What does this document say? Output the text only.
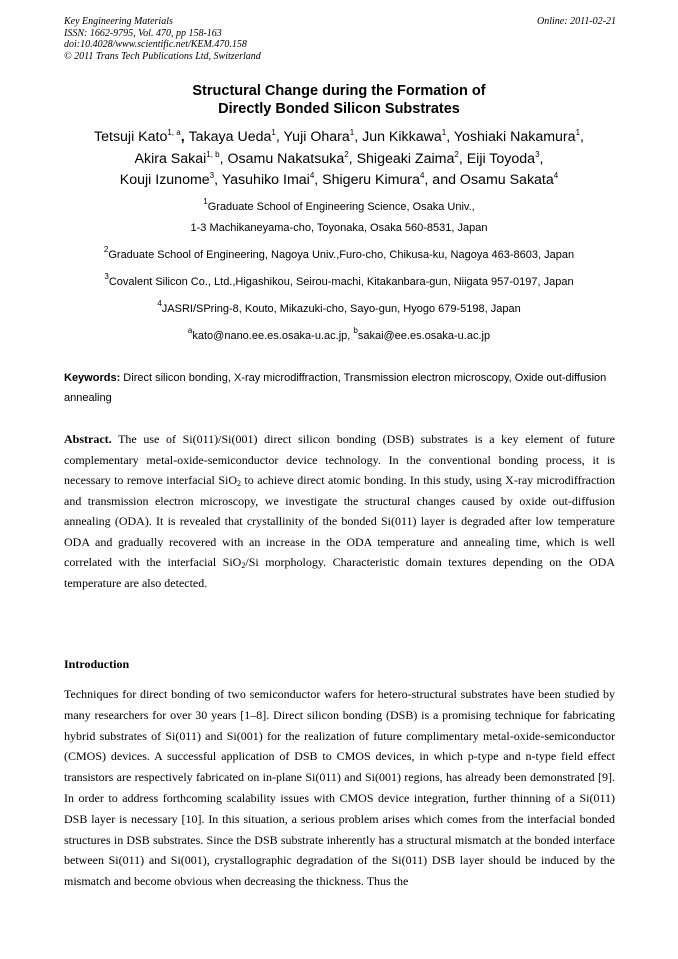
Key Engineering Materials
ISSN: 1662-9795, Vol. 470, pp 158-163
doi:10.4028/www.scientific.net/KEM.470.158
© 2011 Trans Tech Publications Ltd, Switzerland
Online: 2011-02-21
Structural Change during the Formation of
Directly Bonded Silicon Substrates
Tetsuji Kato$^{1, a}$, Takaya Ueda$^1$, Yuji Ohara$^1$, Jun Kikkawa$^1$, Yoshiaki Nakamura$^1$,
Akira Sakai$^{1, b}$, Osamu Nakatsuka$^2$, Shigeaki Zaima$^2$, Eiji Toyoda$^3$,
Kouji Izunome$^3$, Yasuhiko Imai$^4$, Shigeru Kimura$^4$, and Osamu Sakata$^4$
$^1$Graduate School of Engineering Science, Osaka Univ.,
1-3 Machikaneyama-cho, Toyonaka, Osaka 560-8531, Japan
$^2$Graduate School of Engineering, Nagoya Univ.,Furo-cho, Chikusa-ku, Nagoya 463-8603, Japan
$^3$Covalent Silicon Co., Ltd.,Higashikou, Seirou-machi, Kitakanbara-gun, Niigata 957-0197, Japan
$^4$JASRI/SPring-8, Kouto, Mikazuki-cho, Sayo-gun, Hyogo 679-5198, Japan
$^a$kato@nano.ee.es.osaka-u.ac.jp, $^b$sakai@ee.es.osaka-u.ac.jp
Keywords: Direct silicon bonding, X-ray microdiffraction, Transmission electron microscopy, Oxide out-diffusion annealing
Abstract. The use of Si(011)/Si(001) direct silicon bonding (DSB) substrates is a key element of future complementary metal-oxide-semiconductor device technology. In the conventional bonding process, it is necessary to remove interfacial SiO$_2$ to achieve direct atomic bonding. In this study, using X-ray microdiffraction and transmission electron microscopy, we investigate the structural changes caused by oxide out-diffusion annealing (ODA). It is revealed that crystallinity of the bonded Si(011) layer is degraded after low temperature ODA and gradually recovered with an increase in the ODA temperature and annealing time, which is well correlated with the interfacial SiO$_2$/Si morphology. Characteristic domain textures depending on the ODA temperature are also detected.
Introduction
Techniques for direct bonding of two semiconductor wafers for hetero-structural substrates have been studied by many researchers for over 30 years [1–8]. Direct silicon bonding (DSB) is a promising technique for fabricating hybrid substrates of Si(011) and Si(001) for the realization of future complimentary metal-oxide-semiconductor (CMOS) devices. A successful application of DSB to CMOS devices, in which p-type and n-type field effect transistors are respectively fabricated on in-plane Si(011) and Si(001) regions, has already been demonstrated [9]. In order to address forthcoming scalability issues with CMOS device integration, further thinning of a Si(011) DSB layer is necessary [10]. In this situation, a serious problem arises which comes from the interfacial bonded structures in DSB substrates. Since the DSB substrate inherently has a structural mismatch at the bonded interface between Si(011) and Si(001), crystallographic degradation of the Si(011) DSB layer should be induced by the mismatch and become obvious when decreasing the thickness. Thus the
